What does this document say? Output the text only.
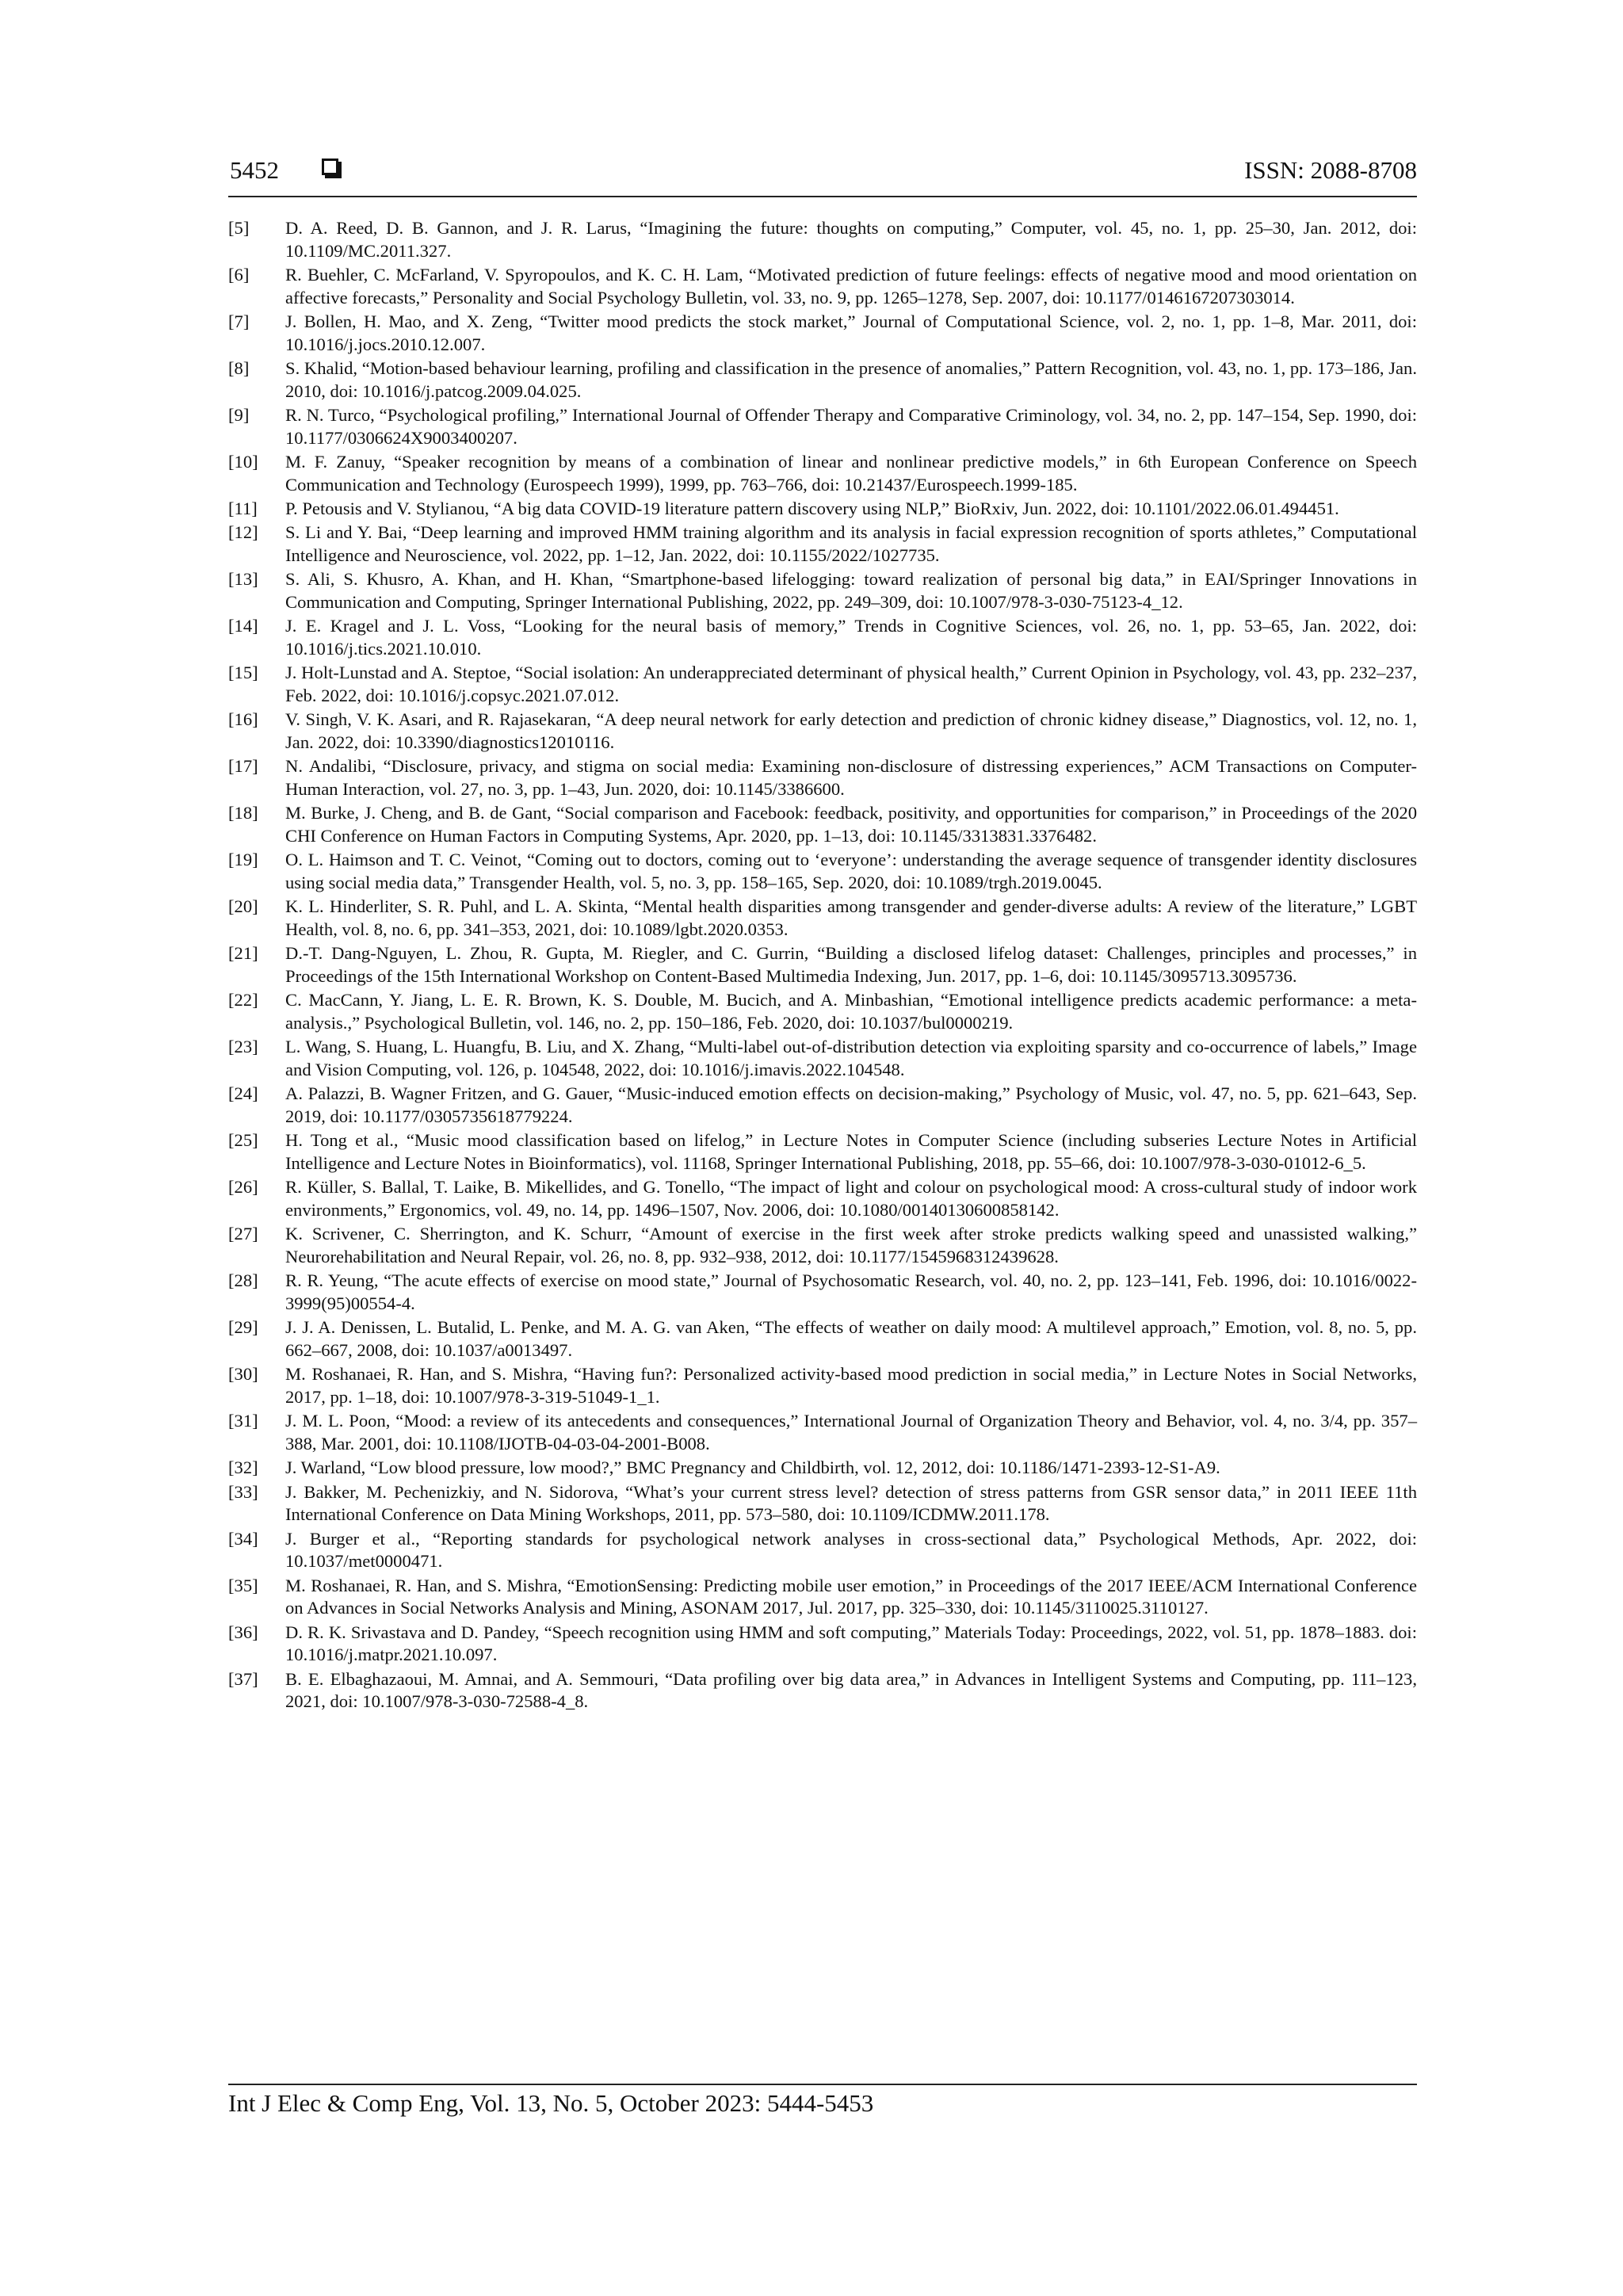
5452	ISSN: 2088-8708
[5]	D. A. Reed, D. B. Gannon, and J. R. Larus, “Imagining the future: thoughts on computing,” Computer, vol. 45, no. 1, pp. 25–30, Jan. 2012, doi: 10.1109/MC.2011.327.
[6]	R. Buehler, C. McFarland, V. Spyropoulos, and K. C. H. Lam, “Motivated prediction of future feelings: effects of negative mood and mood orientation on affective forecasts,” Personality and Social Psychology Bulletin, vol. 33, no. 9, pp. 1265–1278, Sep. 2007, doi: 10.1177/0146167207303014.
[7]	J. Bollen, H. Mao, and X. Zeng, “Twitter mood predicts the stock market,” Journal of Computational Science, vol. 2, no. 1, pp. 1–8, Mar. 2011, doi: 10.1016/j.jocs.2010.12.007.
[8]	S. Khalid, “Motion-based behaviour learning, profiling and classification in the presence of anomalies,” Pattern Recognition, vol. 43, no. 1, pp. 173–186, Jan. 2010, doi: 10.1016/j.patcog.2009.04.025.
[9]	R. N. Turco, “Psychological profiling,” International Journal of Offender Therapy and Comparative Criminology, vol. 34, no. 2, pp. 147–154, Sep. 1990, doi: 10.1177/0306624X9003400207.
[10]	M. F. Zanuy, “Speaker recognition by means of a combination of linear and nonlinear predictive models,” in 6th European Conference on Speech Communication and Technology (Eurospeech 1999), 1999, pp. 763–766, doi: 10.21437/Eurospeech.1999-185.
[11]	P. Petousis and V. Stylianou, “A big data COVID-19 literature pattern discovery using NLP,” BioRxiv, Jun. 2022, doi: 10.1101/2022.06.01.494451.
[12]	S. Li and Y. Bai, “Deep learning and improved HMM training algorithm and its analysis in facial expression recognition of sports athletes,” Computational Intelligence and Neuroscience, vol. 2022, pp. 1–12, Jan. 2022, doi: 10.1155/2022/1027735.
[13]	S. Ali, S. Khusro, A. Khan, and H. Khan, “Smartphone-based lifelogging: toward realization of personal big data,” in EAI/Springer Innovations in Communication and Computing, Springer International Publishing, 2022, pp. 249–309, doi: 10.1007/978-3-030-75123-4_12.
[14]	J. E. Kragel and J. L. Voss, “Looking for the neural basis of memory,” Trends in Cognitive Sciences, vol. 26, no. 1, pp. 53–65, Jan. 2022, doi: 10.1016/j.tics.2021.10.010.
[15]	J. Holt-Lunstad and A. Steptoe, “Social isolation: An underappreciated determinant of physical health,” Current Opinion in Psychology, vol. 43, pp. 232–237, Feb. 2022, doi: 10.1016/j.copsyc.2021.07.012.
[16]	V. Singh, V. K. Asari, and R. Rajasekaran, “A deep neural network for early detection and prediction of chronic kidney disease,” Diagnostics, vol. 12, no. 1, Jan. 2022, doi: 10.3390/diagnostics12010116.
[17]	N. Andalibi, “Disclosure, privacy, and stigma on social media: Examining non-disclosure of distressing experiences,” ACM Transactions on Computer-Human Interaction, vol. 27, no. 3, pp. 1–43, Jun. 2020, doi: 10.1145/3386600.
[18]	M. Burke, J. Cheng, and B. de Gant, “Social comparison and Facebook: feedback, positivity, and opportunities for comparison,” in Proceedings of the 2020 CHI Conference on Human Factors in Computing Systems, Apr. 2020, pp. 1–13, doi: 10.1145/3313831.3376482.
[19]	O. L. Haimson and T. C. Veinot, “Coming out to doctors, coming out to ‘everyone’: understanding the average sequence of transgender identity disclosures using social media data,” Transgender Health, vol. 5, no. 3, pp. 158–165, Sep. 2020, doi: 10.1089/trgh.2019.0045.
[20]	K. L. Hinderliter, S. R. Puhl, and L. A. Skinta, “Mental health disparities among transgender and gender-diverse adults: A review of the literature,” LGBT Health, vol. 8, no. 6, pp. 341–353, 2021, doi: 10.1089/lgbt.2020.0353.
[21]	D.-T. Dang-Nguyen, L. Zhou, R. Gupta, M. Riegler, and C. Gurrin, “Building a disclosed lifelog dataset: Challenges, principles and processes,” in Proceedings of the 15th International Workshop on Content-Based Multimedia Indexing, Jun. 2017, pp. 1–6, doi: 10.1145/3095713.3095736.
[22]	C. MacCann, Y. Jiang, L. E. R. Brown, K. S. Double, M. Bucich, and A. Minbashian, “Emotional intelligence predicts academic performance: a meta-analysis.,” Psychological Bulletin, vol. 146, no. 2, pp. 150–186, Feb. 2020, doi: 10.1037/bul0000219.
[23]	L. Wang, S. Huang, L. Huangfu, B. Liu, and X. Zhang, “Multi-label out-of-distribution detection via exploiting sparsity and co-occurrence of labels,” Image and Vision Computing, vol. 126, p. 104548, 2022, doi: 10.1016/j.imavis.2022.104548.
[24]	A. Palazzi, B. Wagner Fritzen, and G. Gauer, “Music-induced emotion effects on decision-making,” Psychology of Music, vol. 47, no. 5, pp. 621–643, Sep. 2019, doi: 10.1177/0305735618779224.
[25]	H. Tong et al., “Music mood classification based on lifelog,” in Lecture Notes in Computer Science (including subseries Lecture Notes in Artificial Intelligence and Lecture Notes in Bioinformatics), vol. 11168, Springer International Publishing, 2018, pp. 55–66, doi: 10.1007/978-3-030-01012-6_5.
[26]	R. Küller, S. Ballal, T. Laike, B. Mikellides, and G. Tonello, “The impact of light and colour on psychological mood: A cross-cultural study of indoor work environments,” Ergonomics, vol. 49, no. 14, pp. 1496–1507, Nov. 2006, doi: 10.1080/00140130600858142.
[27]	K. Scrivener, C. Sherrington, and K. Schurr, “Amount of exercise in the first week after stroke predicts walking speed and unassisted walking,” Neurorehabilitation and Neural Repair, vol. 26, no. 8, pp. 932–938, 2012, doi: 10.1177/1545968312439628.
[28]	R. R. Yeung, “The acute effects of exercise on mood state,” Journal of Psychosomatic Research, vol. 40, no. 2, pp. 123–141, Feb. 1996, doi: 10.1016/0022-3999(95)00554-4.
[29]	J. J. A. Denissen, L. Butalid, L. Penke, and M. A. G. van Aken, “The effects of weather on daily mood: A multilevel approach,” Emotion, vol. 8, no. 5, pp. 662–667, 2008, doi: 10.1037/a0013497.
[30]	M. Roshanaei, R. Han, and S. Mishra, “Having fun?: Personalized activity-based mood prediction in social media,” in Lecture Notes in Social Networks, 2017, pp. 1–18, doi: 10.1007/978-3-319-51049-1_1.
[31]	J. M. L. Poon, “Mood: a review of its antecedents and consequences,” International Journal of Organization Theory and Behavior, vol. 4, no. 3/4, pp. 357–388, Mar. 2001, doi: 10.1108/IJOTB-04-03-04-2001-B008.
[32]	J. Warland, “Low blood pressure, low mood?,” BMC Pregnancy and Childbirth, vol. 12, 2012, doi: 10.1186/1471-2393-12-S1-A9.
[33]	J. Bakker, M. Pechenizkiy, and N. Sidorova, “What’s your current stress level? detection of stress patterns from GSR sensor data,” in 2011 IEEE 11th International Conference on Data Mining Workshops, 2011, pp. 573–580, doi: 10.1109/ICDMW.2011.178.
[34]	J. Burger et al., “Reporting standards for psychological network analyses in cross-sectional data,” Psychological Methods, Apr. 2022, doi: 10.1037/met0000471.
[35]	M. Roshanaei, R. Han, and S. Mishra, “EmotionSensing: Predicting mobile user emotion,” in Proceedings of the 2017 IEEE/ACM International Conference on Advances in Social Networks Analysis and Mining, ASONAM 2017, Jul. 2017, pp. 325–330, doi: 10.1145/3110025.3110127.
[36]	D. R. K. Srivastava and D. Pandey, “Speech recognition using HMM and soft computing,” Materials Today: Proceedings, 2022, vol. 51, pp. 1878–1883. doi: 10.1016/j.matpr.2021.10.097.
[37]	B. E. Elbaghazaoui, M. Amnai, and A. Semmouri, “Data profiling over big data area,” in Advances in Intelligent Systems and Computing, pp. 111–123, 2021, doi: 10.1007/978-3-030-72588-4_8.
Int J Elec & Comp Eng, Vol. 13, No. 5, October 2023: 5444-5453
